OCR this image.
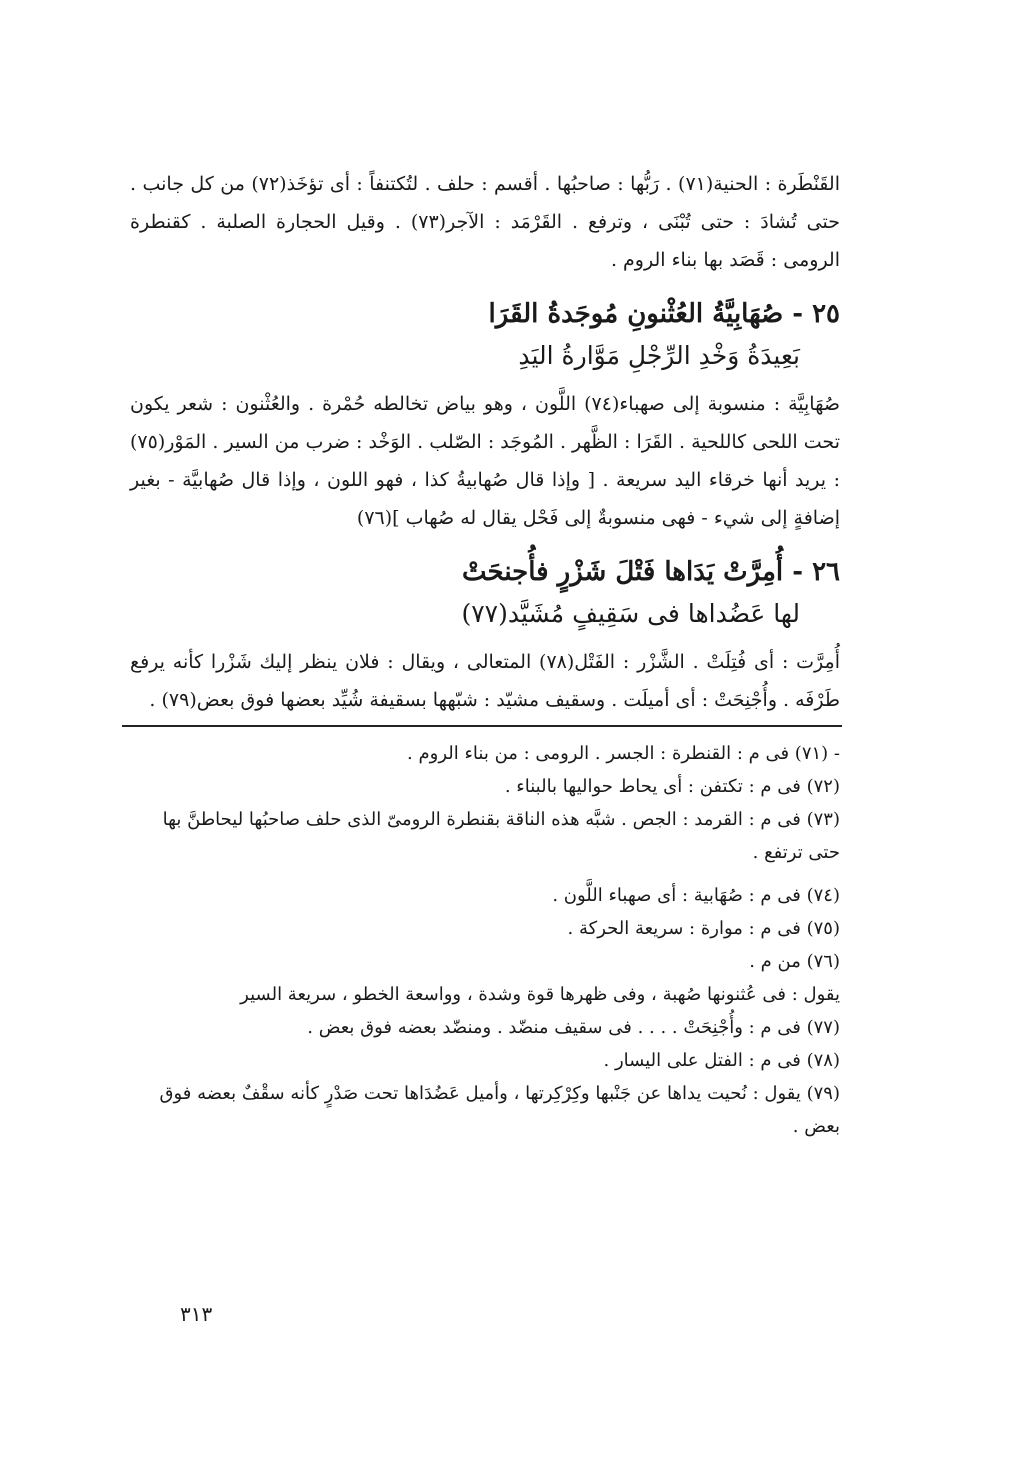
القَنْطَرة : الحنية(٧١) . رَبُّها : صاحبُها . أقسم : حلف . لتُكتنفاً : أى تؤخَذ(٧٢) من كل جانب . حتى تُشادَ : حتى تُبْنَى ، وترفع . القَرْمَد : الآجر(٧٣) . وقيل الحجارة الصلبة . كقنطرة الرومى : قَصَد بها بناء الروم .

٢٥ - صُهَابِيَّةُ العُثْنونِ مُوجَدةُ القَرَا
بَعِيدَةُ وَخْدِ الرِّجْلِ مَوَّارةُ اليَدِ

صُهَابِيَّة : منسوبة إلى صهباء(٧٤) اللَّون ، وهو بياض تخالطه حُمْرة . والعُثْنون : شعر يكون تحت اللحى كاللحية . القَرَا : الظَّهر . المُوجَد : الصّلب . الوَخْد : ضرب من السير . المَوْر(٧٥) : يريد أنها خرقاء اليد سريعة . [ وإذا قال صُهابيةُ كذا ، فهو اللون ، وإذا قال صُهابيَّة - بغير إضافةٍ إلى شيء - فهى منسوبةٌ إلى فَحْل يقال له صُهاب ](٧٦)

٢٦ - أُمِرَّتْ يَدَاها فَتْلَ شَزْرٍ فأُجنحَتْ
لها عَضُداها فى سَقِيفٍ مُشَيَّد(٧٧)

أُمِرَّت : أى فُتِلَتْ . الشَّزْر : الفَتْل(٧٨) المتعالى ، ويقال : فلان ينظر إليك شَزْرا كأنه يرفع طَرْفَه . وأُجْنِحَتْ : أى أميلَت . وسقيف مشيّد : شبّهها بسقيفة شُيِّد بعضها فوق بعض(٧٩) .

- (٧١) فى م : القنطرة : الجسر . الرومى : من بناء الروم .

(٧٢) فى م : تكتفن : أى يحاط حواليها بالبناء .

(٧٣) فى م : القرمد : الجص . شبَّه هذه الناقة بقنطرة الرومىّ الذى حلف صاحبُها ليحاطنَّ بها حتى ترتفع .

(٧٤) فى م : صُهَابية : أى صهباء اللَّون .

(٧٥) فى م : موارة : سريعة الحركة .

(٧٦) من م .

يقول : فى عُثنونها صُهبة ، وفى ظهرها قوة وشدة ، وواسعة الخطو ، سريعة السير

(٧٧) فى م : وأُجْنِحَتْ . . . . فى سقيف منضّد . ومنضّد بعضه فوق بعض .

(٧٨) فى م : الفتل على اليسار .

(٧٩) يقول : نُحيت يداها عن جَنْبها وكِرْكِرتها ، وأميل عَضُدَاها تحت صَدْرٍ كأنه سقْفٌ بعضه فوق بعض .

٣١٣
